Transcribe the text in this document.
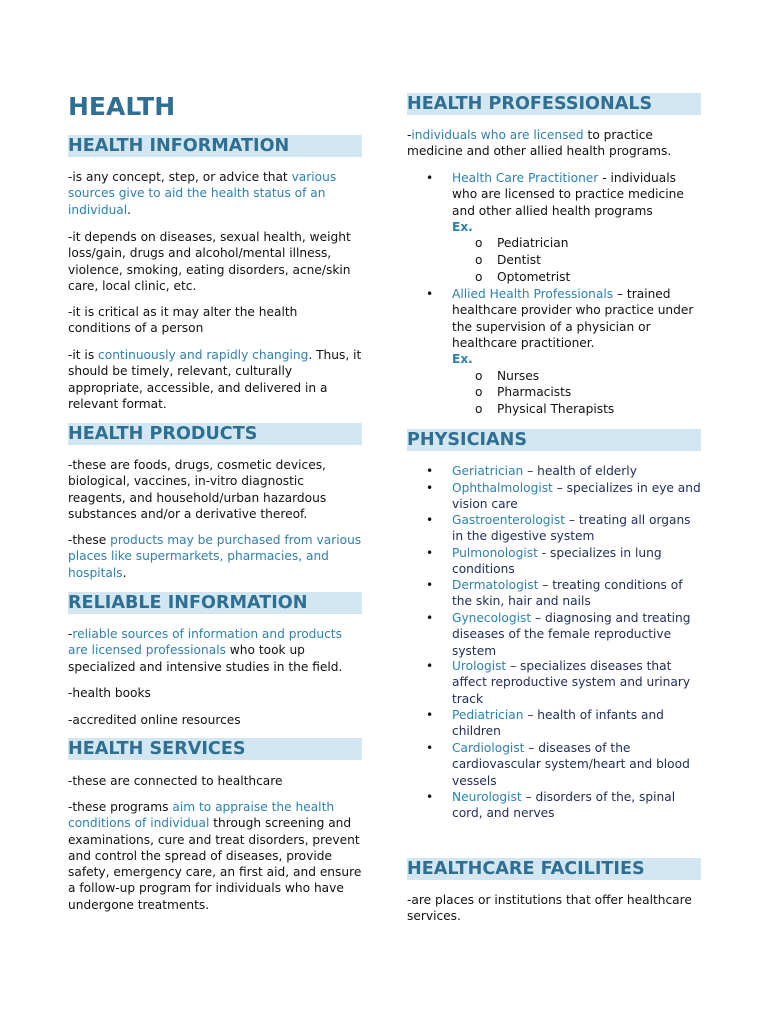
HEALTH
HEALTH INFORMATION

-is any concept, step, or advice that various sources give to aid the health status of an individual.

-it depends on diseases, sexual health, weight loss/gain, drugs and alcohol/mental illness, violence, smoking, eating disorders, acne/skin care, local clinic, etc.

-it is critical as it may alter the health conditions of a person

-it is continuously and rapidly changing. Thus, it should be timely, relevant, culturally appropriate, accessible, and delivered in a relevant format.

HEALTH PRODUCTS

-these are foods, drugs, cosmetic devices, biological, vaccines, in-vitro diagnostic reagents, and household/urban hazardous substances and/or a derivative thereof.

-these products may be purchased from various places like supermarkets, pharmacies, and hospitals.

RELIABLE INFORMATION

-reliable sources of information and products are licensed professionals who took up specialized and intensive studies in the field.

-health books

-accredited online resources

HEALTH SERVICES

-these are connected to healthcare

-these programs aim to appraise the health conditions of individual through screening and examinations, cure and treat disorders, prevent and control the spread of diseases, provide safety, emergency care, an first aid, and ensure a follow-up program for individuals who have undergone treatments.

HEALTH PROFESSIONALS

-individuals who are licensed to practice medicine and other allied health programs.

• Health Care Practitioner - individuals who are licensed to practice medicine and other allied health programs
Ex.
o Pediatrician
o Dentist
o Optometrist
• Allied Health Professionals – trained healthcare provider who practice under the supervision of a physician or healthcare practitioner.
Ex.
o Nurses
o Pharmacists
o Physical Therapists
PHYSICIANS
• Geriatrician – health of elderly
• Ophthalmologist – specializes in eye and vision care
• Gastroenterologist – treating all organs in the digestive system
• Pulmonologist - specializes in lung conditions
• Dermatologist – treating conditions of the skin, hair and nails
• Gynecologist – diagnosing and treating diseases of the female reproductive system
• Urologist – specializes diseases that affect reproductive system and urinary track
• Pediatrician – health of infants and children
• Cardiologist – diseases of the cardiovascular system/heart and blood vessels
• Neurologist – disorders of the, spinal cord, and nerves
HEALTHCARE FACILITIES

-are places or institutions that offer healthcare services.
